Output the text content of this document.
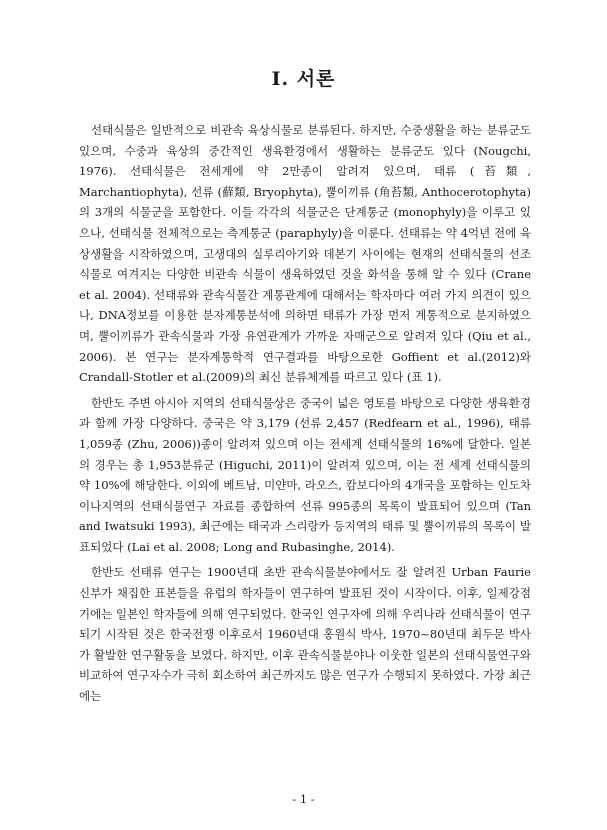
Ⅰ. 서론

선태식물은 일반적으로 비관속 육상식물로 분류된다. 하지만, 수중생활을 하는 분류군도 있으며, 수중과 육상의 중간적인 생육환경에서 생활하는 분류군도 있다 (Nougchi, 1976). 선태식물은 전세계에 약 2만종이 알려져 있으며, 태류 (苔類, Marchantiophyta), 선류 (蘚類, Bryophyta), 뿔이끼류 (角苔類, Anthocerotophyta)의 3개의 식물군을 포함한다. 이들 각각의 식물군은 단계통군 (monophyly)을 이루고 있으나, 선태식물 전체적으로는 측계통군 (paraphyly)을 이룬다. 선태류는 약 4억년 전에 육상생활을 시작하였으며, 고생대의 실루리아기와 데본기 사이에는 현재의 선태식물의 선조식물로 여겨지는 다양한 비관속 식물이 생육하였던 것을 화석을 통해 알 수 있다 (Crane et al. 2004). 선태류와 관속식물간 계통관계에 대해서는 학자마다 여러 가지 의견이 있으나, DNA정보를 이용한 분자계통분석에 의하면 태류가 가장 먼저 계통적으로 분지하였으며, 뿔이끼류가 관속식물과 가장 유연관계가 가까운 자매군으로 알려져 있다 (Qiu et al., 2006). 본 연구는 분자계통학적 연구결과를 바탕으로한 Goffient et al.(2012)와 Crandall-Stotler et al.(2009)의 최신 분류체계를 따르고 있다 (표 1).

한반도 주변 아시아 지역의 선태식물상은 중국이 넓은 영토를 바탕으로 다양한 생육환경과 함께 가장 다양하다. 중국은 약 3,179 (선류 2,457 (Redfearn et al., 1996), 태류 1,059종 (Zhu, 2006))종이 알려져 있으며 이는 전세계 선태식물의 16%에 달한다. 일본의 경우는 총 1,953분류군 (Higuchi, 2011)이 알려져 있으며, 이는 전 세계 선태식물의 약 10%에 해당한다. 이외에 베트남, 미얀마, 라오스, 캄보디아의 4개국을 포함하는 인도차이나지역의 선태식물연구 자료를 종합하여 선류 995종의 목록이 발표되어 있으며 (Tan and Iwatsuki 1993), 최근에는 태국과 스리랑카 등지역의 태류 및 뿔이끼류의 목록이 발표되었다 (Lai et al. 2008; Long and Rubasinghe, 2014).

한반도 선태류 연구는 1900년대 초반 관속식물분야에서도 잘 알려진 Urban Faurie 신부가 채집한 표본들을 유럽의 학자들이 연구하여 발표된 것이 시작이다. 이후, 일제강점기에는 일본인 학자들에 의해 연구되었다. 한국인 연구자에 의해 우리나라 선태식물이 연구되기 시작된 것은 한국전쟁 이후로서 1960년대 홍원식 박사, 1970~80년대 최두문 박사가 활발한 연구활동을 보였다. 하지만, 이후 관속식물분야나 이웃한 일본의 선태식물연구와 비교하여 연구자수가 극히 회소하여 최근까지도 많은 연구가 수행되지 못하였다. 가장 최근에는

- 1 -
